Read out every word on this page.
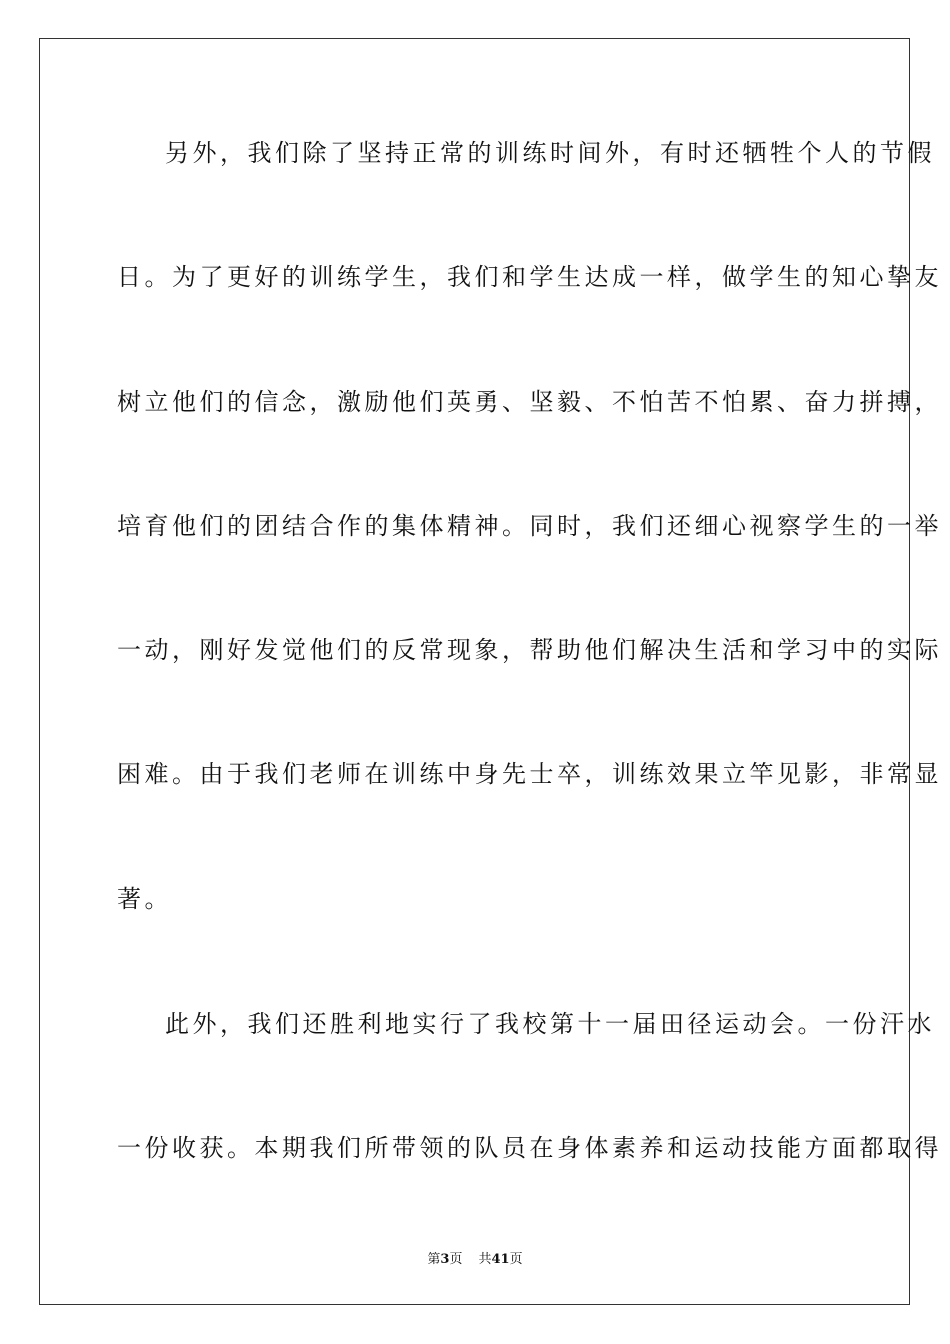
另外，我们除了坚持正常的训练时间外，有时还牺牲个人的节假
日。为了更好的训练学生，我们和学生达成一样，做学生的知心挚友
树立他们的信念，激励他们英勇、坚毅、不怕苦不怕累、奋力拼搏，
培育他们的团结合作的集体精神。同时，我们还细心视察学生的一举
一动，刚好发觉他们的反常现象，帮助他们解决生活和学习中的实际
困难。由于我们老师在训练中身先士卒，训练效果立竿见影，非常显
著。
此外，我们还胜利地实行了我校第十一届田径运动会。一份汗水
一份收获。本期我们所带领的队员在身体素养和运动技能方面都取得
第3页 共41页
